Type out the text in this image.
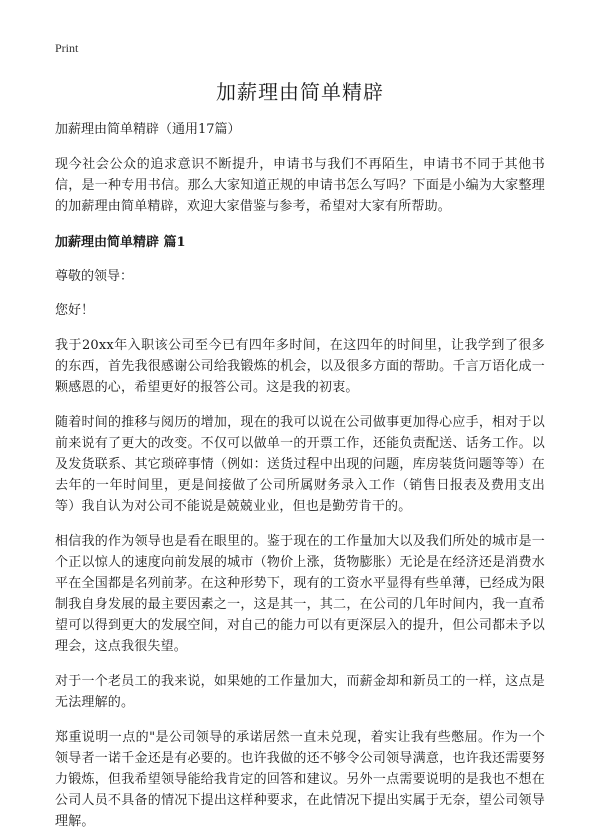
Print
加薪理由简单精辟
加薪理由简单精辟（通用17篇）

现今社会公众的追求意识不断提升，申请书与我们不再陌生，申请书不同于其他书信，是一种专用书信。那么大家知道正规的申请书怎么写吗？下面是小编为大家整理的加薪理由简单精辟，欢迎大家借鉴与参考，希望对大家有所帮助。

加薪理由简单精辟 篇1
尊敬的领导：
您好！

我于20xx年入职该公司至今已有四年多时间，在这四年的时间里，让我学到了很多的东西，首先我很感谢公司给我锻炼的机会，以及很多方面的帮助。千言万语化成一颗感恩的心，希望更好的报答公司。这是我的初衷。

随着时间的推移与阅历的增加，现在的我可以说在公司做事更加得心应手，相对于以前来说有了更大的改变。不仅可以做单一的开票工作，还能负责配送、话务工作。以及发货联系、其它琐碎事情（例如：送货过程中出现的问题，库房装货问题等等）在去年的一年时间里，更是间接做了公司所属财务录入工作（销售日报表及费用支出等）我自认为对公司不能说是兢兢业业，但也是勤劳肯干的。

相信我的作为领导也是看在眼里的。鉴于现在的工作量加大以及我们所处的城市是一个正以惊人的速度向前发展的城市（物价上涨，货物膨胀）无论是在经济还是消费水平在全国都是名列前茅。在这种形势下，现有的工资水平显得有些单薄，已经成为限制我自身发展的最主要因素之一，这是其一，其二，在公司的几年时间内，我一直希望可以得到更大的发展空间，对自己的能力可以有更深层入的提升，但公司都未予以理会，这点我很失望。

对于一个老员工的我来说，如果她的工作量加大，而薪金却和新员工的一样，这点是无法理解的。

郑重说明一点的"是公司领导的承诺居然一直未兑现，着实让我有些憋屈。作为一个领导者一诺千金还是有必要的。也许我做的还不够令公司领导满意，也许我还需要努力锻炼，但我希望领导能给我肯定的回答和建议。另外一点需要说明的是我也不想在公司人员不具备的情况下提出这样种要求，在此情况下提出实属于无奈，望公司领导理解。
